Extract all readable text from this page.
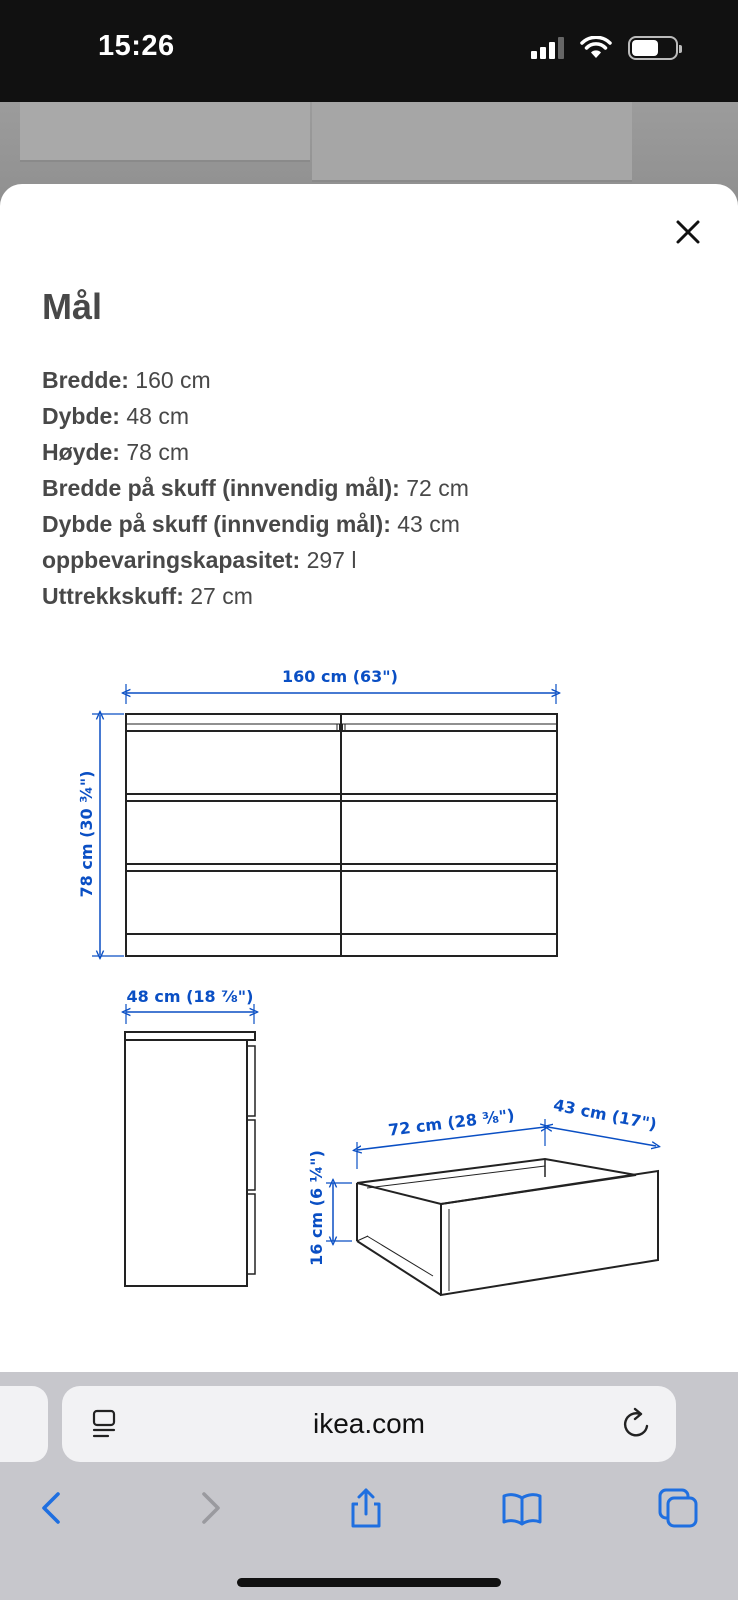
15:26
Mål
Bredde: 160 cm
Dybde: 48 cm
Høyde: 78 cm
Bredde på skuff (innvendig mål): 72 cm
Dybde på skuff (innvendig mål): 43 cm
oppbevaringskapasitet: 297 l
Uttrekkskuff: 27 cm
160 cm (63")
78 cm (30 ¾")
48 cm (18 ⅞")
72 cm (28 ⅜") 43 cm (17")
16 cm (6 ¼")
ikea.com
